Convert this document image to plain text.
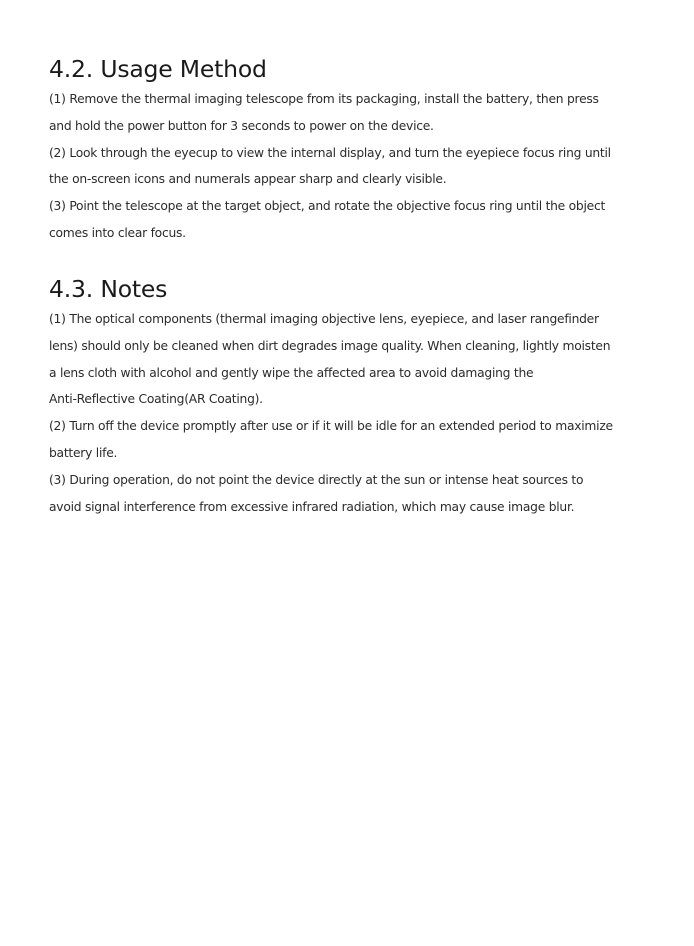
4.2. Usage Method

(1) Remove the thermal imaging telescope from its packaging, install the battery, then press
and hold the power button for 3 seconds to power on the device.

(2) Look through the eyecup to view the internal display, and turn the eyepiece focus ring until
the on-screen icons and numerals appear sharp and clearly visible.

(3) Point the telescope at the target object, and rotate the objective focus ring until the object
comes into clear focus.

4.3. Notes

(1) The optical components (thermal imaging objective lens, eyepiece, and laser rangefinder
lens) should only be cleaned when dirt degrades image quality. When cleaning, lightly moisten
a lens cloth with alcohol and gently wipe the affected area to avoid damaging the
Anti-Reflective Coating(AR Coating).

(2) Turn off the device promptly after use or if it will be idle for an extended period to maximize
battery life.

(3) During operation, do not point the device directly at the sun or intense heat sources to
avoid signal interference from excessive infrared radiation, which may cause image blur.
